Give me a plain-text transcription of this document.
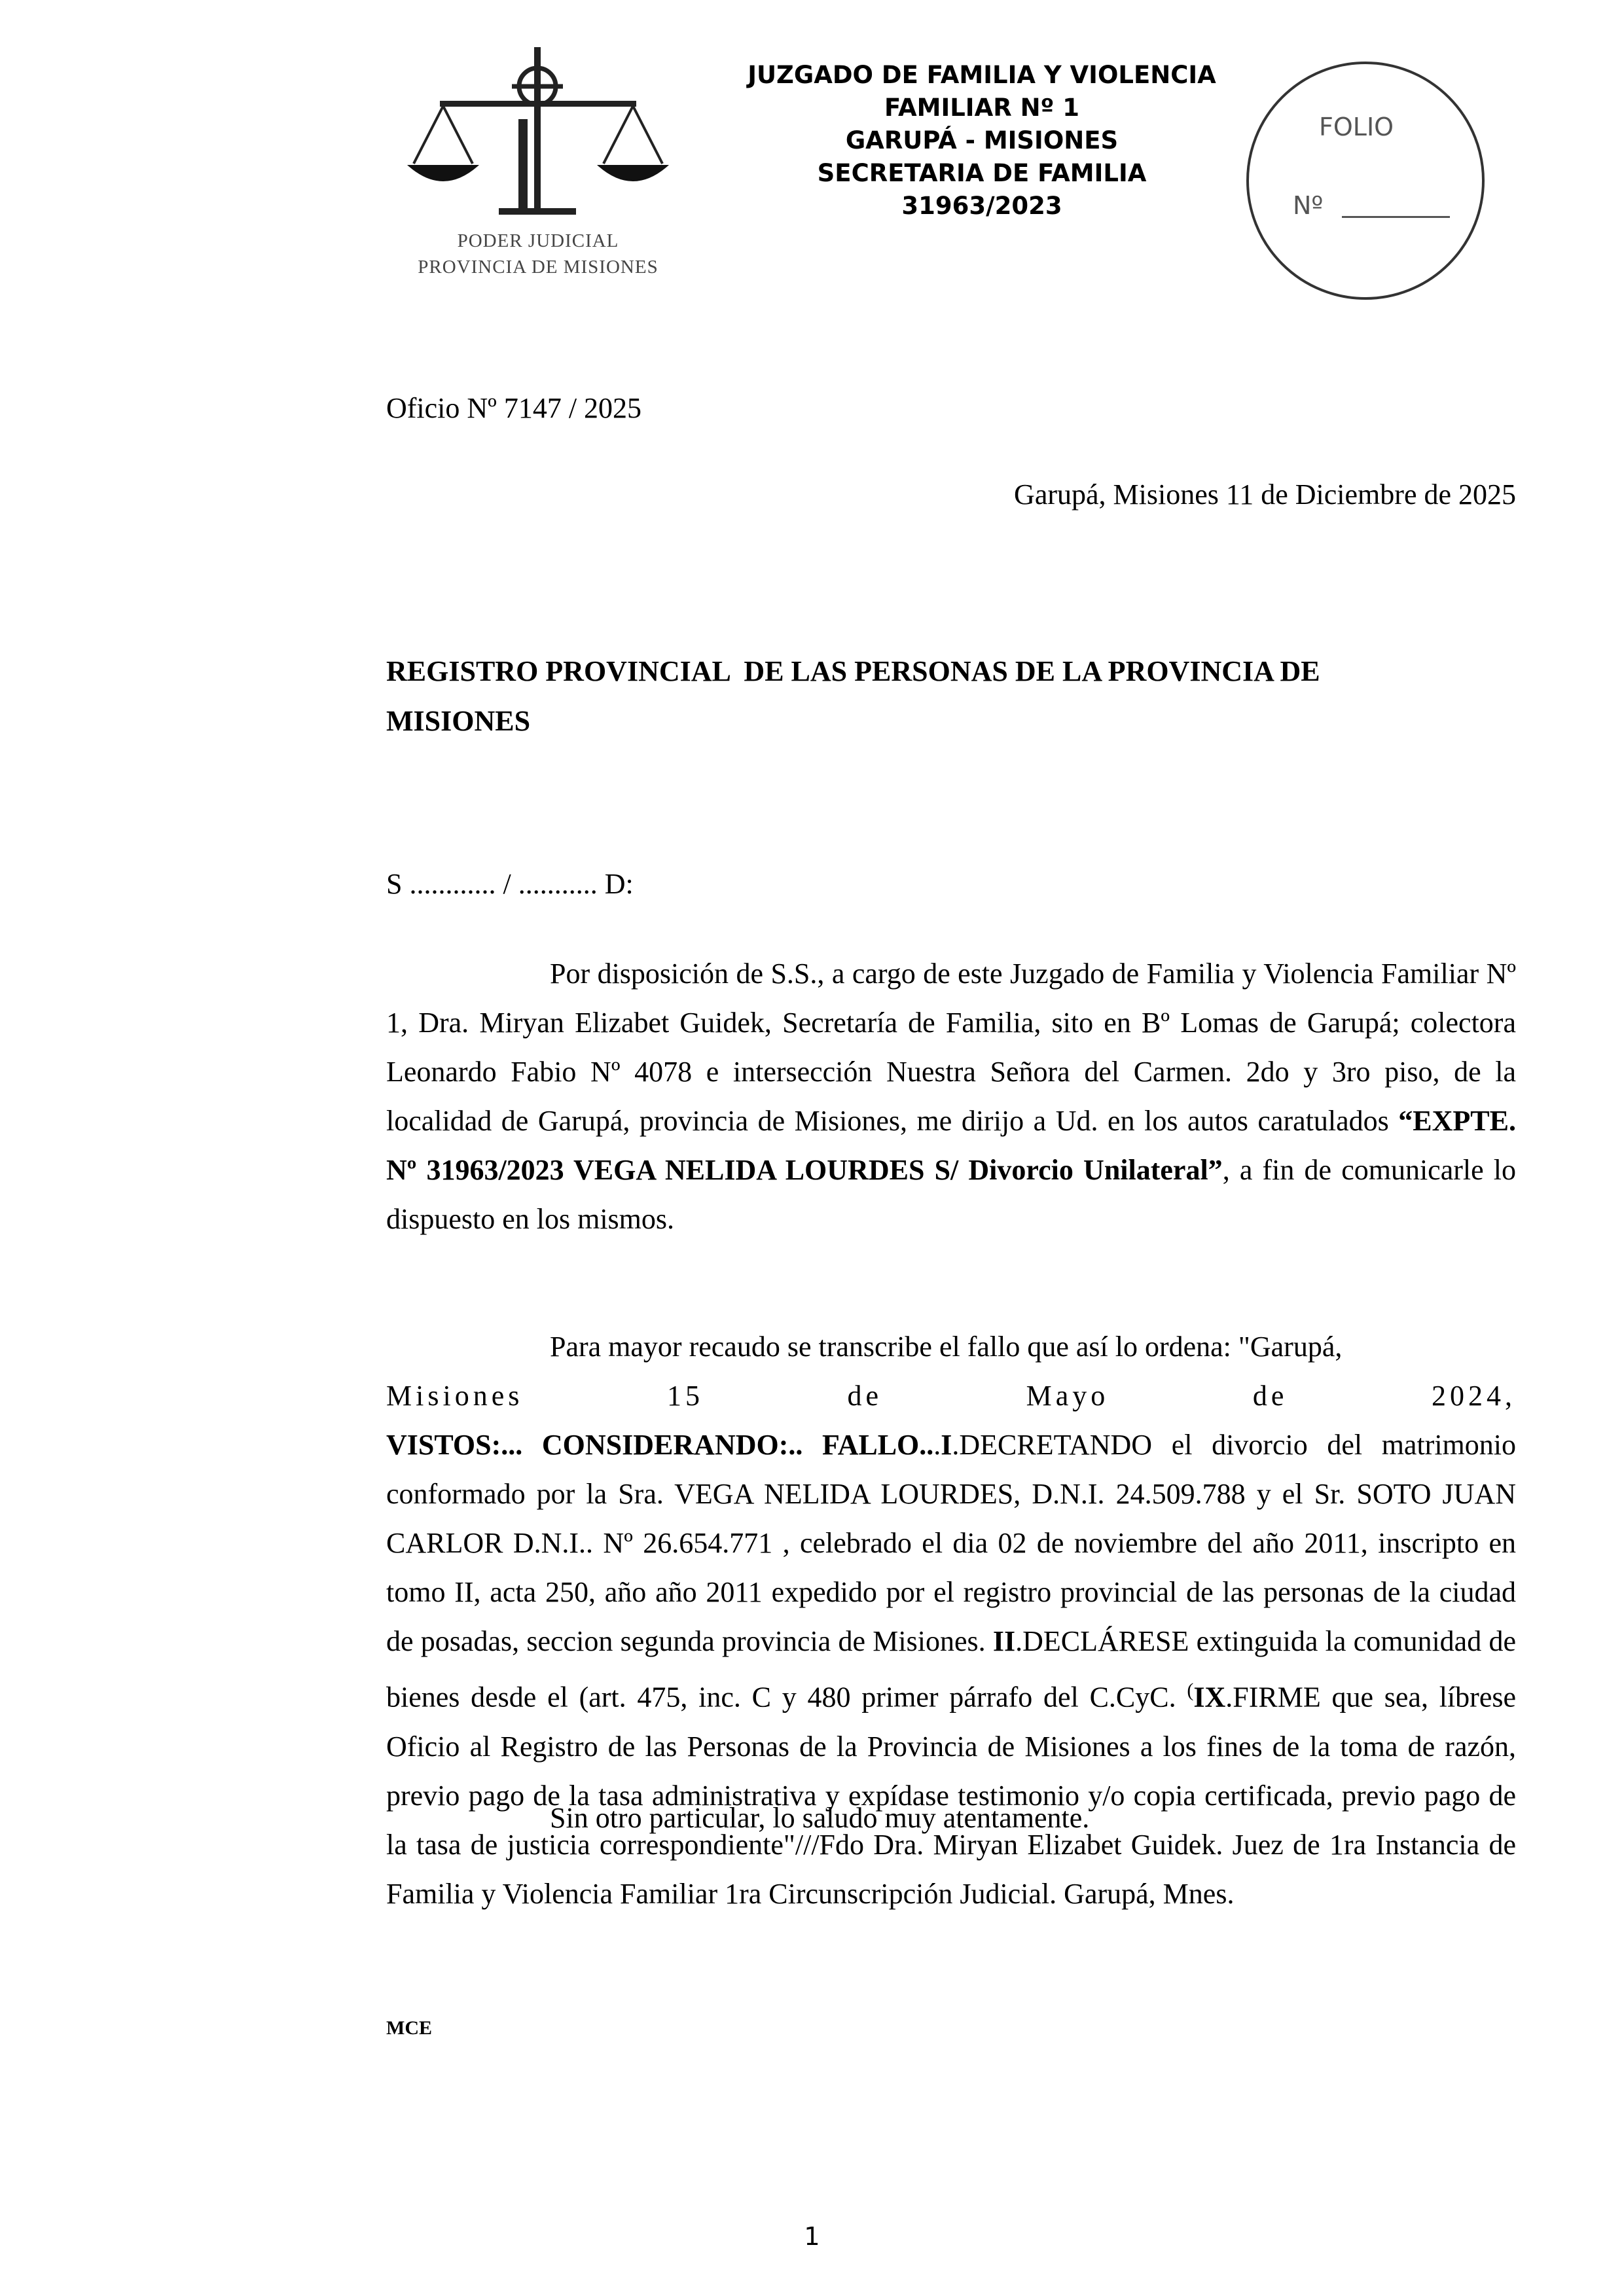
PODER JUDICIAL
PROVINCIA DE MISIONES
JUZGADO DE FAMILIA Y VIOLENCIA
FAMILIAR Nº 1
GARUPÁ - MISIONES
SECRETARIA DE FAMILIA
31963/2023
FOLIO
Nº
Oficio Nº 7147 / 2025
Garupá, Misiones 11 de Diciembre de 2025
REGISTRO PROVINCIAL  DE LAS PERSONAS DE LA PROVINCIA DE
MISIONES
S ............ / ........... D:
Por disposición de S.S., a cargo de este Juzgado de Familia y Violencia Familiar Nº 1, Dra. Miryan Elizabet Guidek, Secretaría de Familia, sito en Bº Lomas de Garupá; colectora Leonardo Fabio Nº 4078 e intersección Nuestra Señora del Carmen. 2do y 3ro piso, de la localidad de Garupá, provincia de Misiones, me dirijo a Ud. en los autos caratulados “EXPTE. Nº 31963/2023 VEGA NELIDA LOURDES S/ Divorcio Unilateral”, a fin de comunicarle lo dispuesto en los mismos.
Para mayor recaudo se transcribe el fallo que así lo ordena: "Garupá,
Misiones	15	de	Mayo	de	2024,
VISTOS:... CONSIDERANDO:.. FALLO...I.DECRETANDO el divorcio del matrimonio conformado por la Sra. VEGA NELIDA LOURDES, D.N.I. 24.509.788 y el Sr. SOTO JUAN CARLOR D.N.I.. Nº 26.654.771 , celebrado el dia 02 de noviembre del año 2011, inscripto en tomo II, acta 250, año año 2011 expedido por el registro provincial de las personas de la ciudad de posadas, seccion segunda provincia de Misiones. II.DECLÁRESE extinguida la comunidad de bienes desde el (art. 475, inc. C y 480 primer párrafo del C.CyC. (IX.FIRME que sea, líbrese Oficio al Registro de las Personas de la Provincia de Misiones a los fines de la toma de razón, previo pago de la tasa administrativa y expídase testimonio y/o copia certificada, previo pago de la tasa de justicia correspondiente"///Fdo Dra. Miryan Elizabet Guidek. Juez de 1ra Instancia de Familia y Violencia Familiar 1ra Circunscripción Judicial. Garupá, Mnes.
Sin otro particular, lo saludo muy atentamente.
MCE
1
